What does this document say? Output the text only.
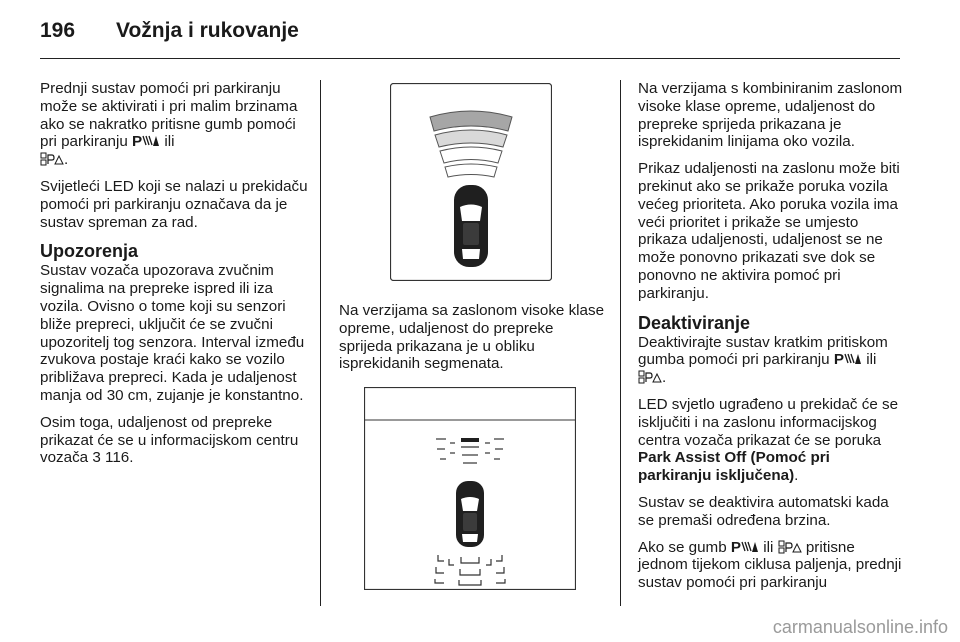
196 Vožnja i rukovanje

Prednji sustav pomoći pri parkiranju može se aktivirati i pri malim brzinama ako se nakratko pritisne gumb pomoći pri parkiranju P ili
.

Svijetleći LED koji se nalazi u prekidaču pomoći pri parkiranju označava da je sustav spreman za rad.

Upozorenja

Sustav vozača upozorava zvučnim signalima na prepreke ispred ili iza vozila. Ovisno o tome koji su senzori bliže prepreci, uključit će se zvučni upozoritelj tog senzora. Interval između zvukova postaje kraći kako se vozilo približava prepreci. Kada je udaljenost manja od 30 cm, zujanje je konstantno.

Osim toga, udaljenost od prepreke prikazat će se u informacijskom centru vozača 3 116.

Na verzijama sa zaslonom visoke klase opreme, udaljenost do prepreke sprijeda prikazana je u obliku isprekidanih segmenata.

Na verzijama s kombiniranim zaslonom visoke klase opreme, udaljenost do prepreke sprijeda prikazana je isprekidanim linijama oko vozila.

Prikaz udaljenosti na zaslonu može biti prekinut ako se prikaže poruka vozila većeg prioriteta. Ako poruka vozila ima veći prioritet i prikaže se umjesto prikaza udaljenosti, udaljenost se ne može ponovno prikazati sve dok se ponovno ne aktivira pomoć pri parkiranju.

Deaktiviranje

Deaktivirajte sustav kratkim pritiskom gumba pomoći pri parkiranju P ili
.

LED svjetlo ugrađeno u prekidač će se isključiti i na zaslonu informacijskog centra vozača prikazat će se poruka Park Assist Off (Pomoć pri parkiranju isključena).

Sustav se deaktivira automatski kada se premaši određena brzina.

Ako se gumb P ili pritisne jednom tijekom ciklusa paljenja, prednji sustav pomoći pri parkiranju

carmanualsonline.info
